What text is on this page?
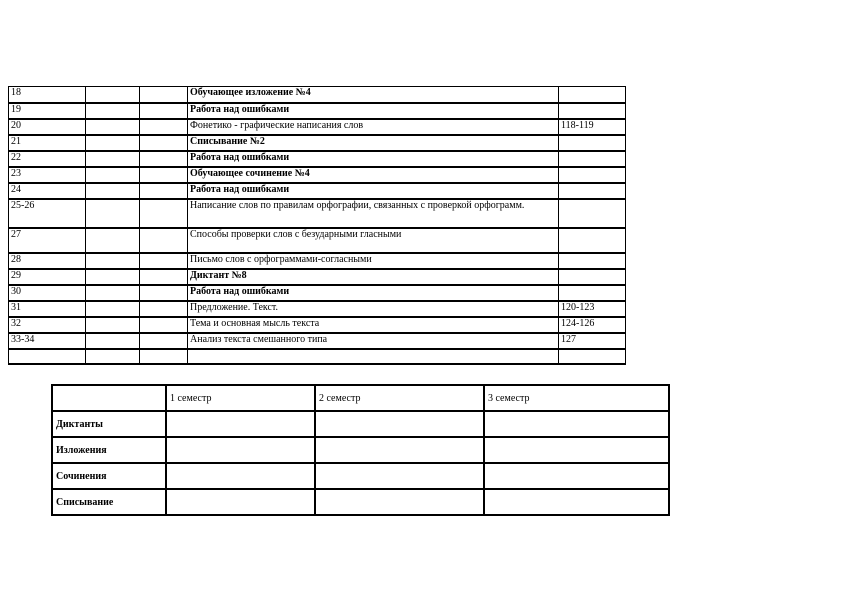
18			Обучающее изложение №4	
19			Работа над ошибками	
20			Фонетико - графические написания слов	118-119
21			Списывание №2	
22			Работа над ошибками	
23			Обучающее сочинение №4	
24			Работа над ошибками	
25-26			Написание слов по правилам орфографии, связанных с проверкой орфограмм.	
27			Способы проверки слов с безударными гласными	
28			Письмо слов с орфограммами-согласными	
29			Диктант №8	
30			Работа над ошибками	
31			Предложение. Текст.	120-123
32			Тема и основная мысль текста	124-126
33-34			Анализ текста смешанного типа	127

	1 семестр	2 семестр	3 семестр
Диктанты			
Изложения			
Сочинения			
Списывание			
